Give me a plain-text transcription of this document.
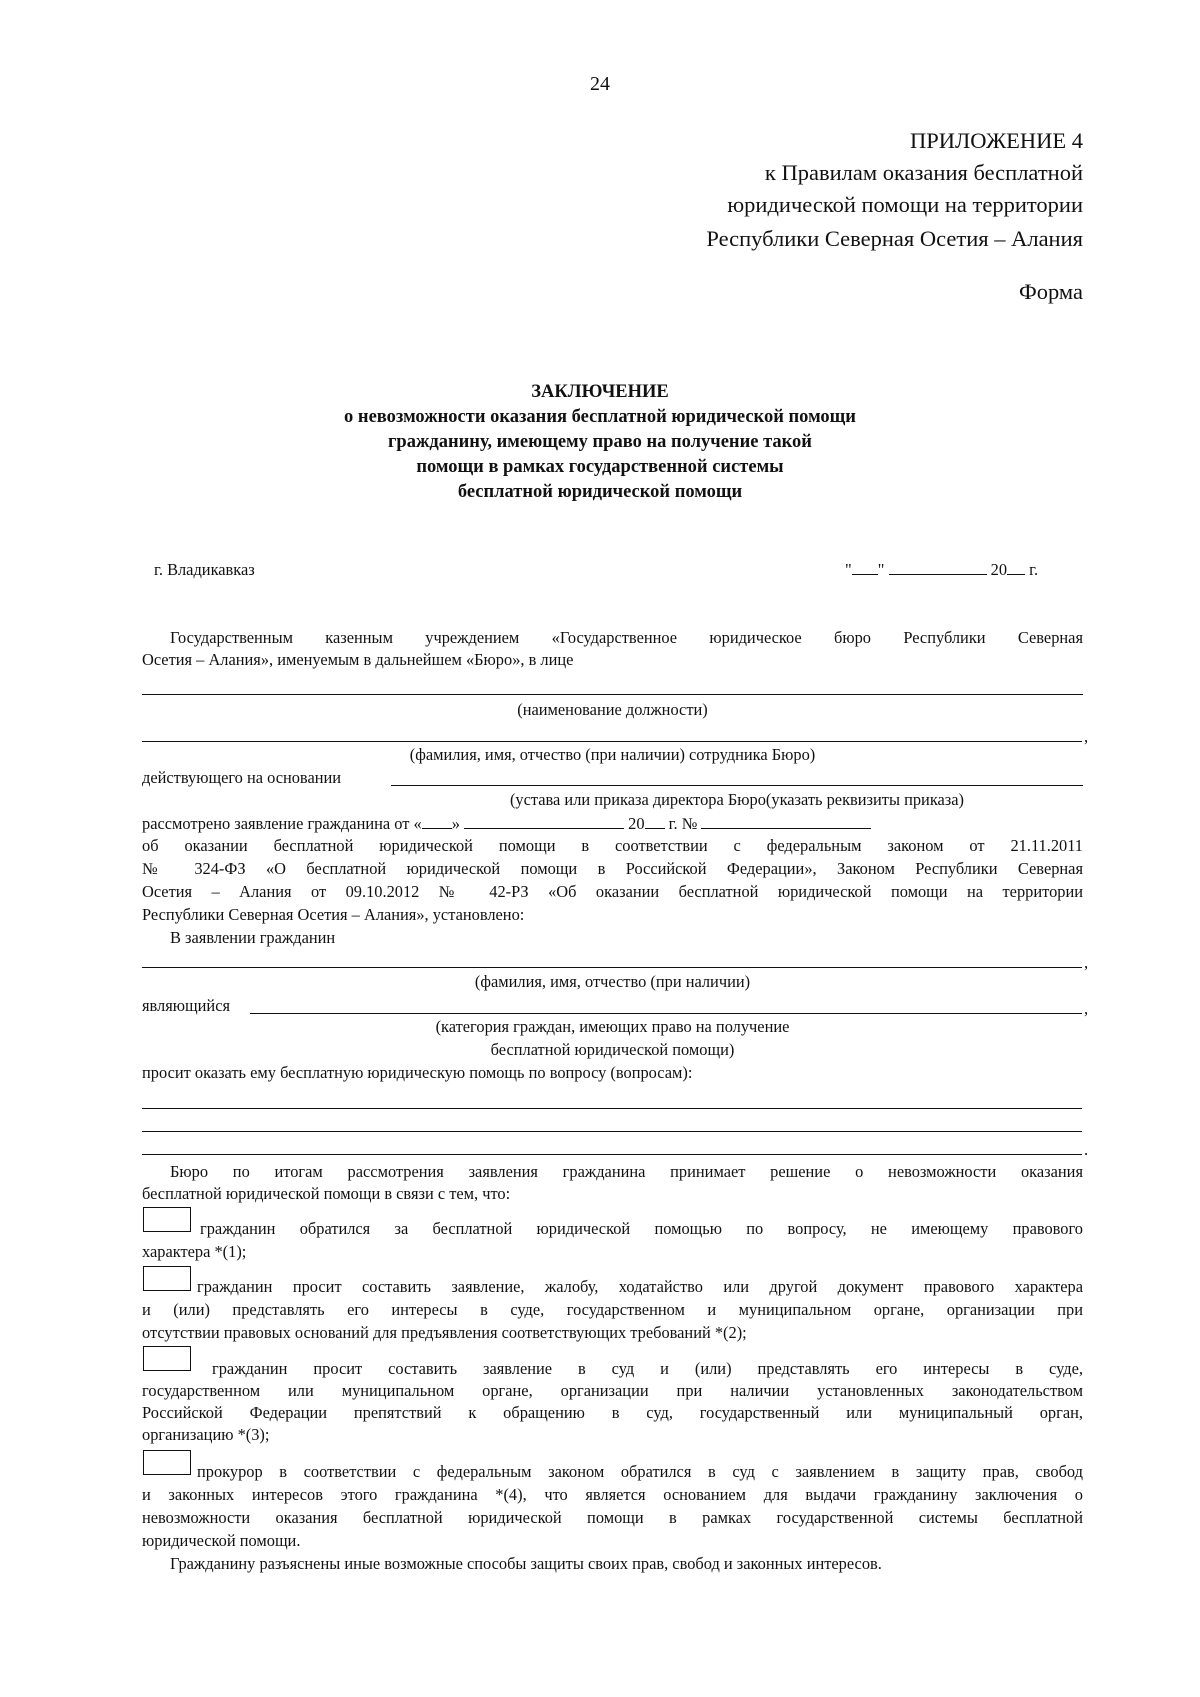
24
ПРИЛОЖЕНИЕ 4
к Правилам оказания бесплатной
юридической помощи на территории
Республики Северная Осетия – Алания
Форма
ЗАКЛЮЧЕНИЕ
о невозможности оказания бесплатной юридической помощи
гражданину, имеющему право на получение такой
помощи в рамках государственной системы
бесплатной юридической помощи
г. Владикавказ	" "	20 г.
Государственным казенным учреждением «Государственное юридическое бюро Республики Северная
Осетия – Алания», именуемым в дальнейшем «Бюро», в лице
(наименование должности)
,
(фамилия, имя, отчество (при наличии) сотрудника Бюро)
действующего на основании
(устава или приказа директора Бюро(указать реквизиты приказа)
рассмотрено заявление гражданина от « »	20 г. №
об оказании бесплатной юридической помощи в соответствии с федеральным законом от 21.11.2011
№ 324-ФЗ «О бесплатной юридической помощи в Российской Федерации», Законом Республики Северная
Осетия – Алания от 09.10.2012 № 42-РЗ «Об оказании бесплатной юридической помощи на территории
Республики Северная Осетия – Алания», установлено:
В заявлении гражданин
,
(фамилия, имя, отчество (при наличии)
являющийся	,
(категория граждан, имеющих право на получение
бесплатной юридической помощи)
просит оказать ему бесплатную юридическую помощь по вопросу (вопросам):
.
Бюро по итогам рассмотрения заявления гражданина принимает решение о невозможности оказания
бесплатной юридической помощи в связи с тем, что:
гражданин обратился за бесплатной юридической помощью по вопросу, не имеющему правового
характера *(1);
гражданин просит составить заявление, жалобу, ходатайство или другой документ правового характера
и (или) представлять его интересы в суде, государственном и муниципальном органе, организации при
отсутствии правовых оснований для предъявления соответствующих требований *(2);
гражданин просит составить заявление в суд и (или) представлять его интересы в суде,
государственном или муниципальном органе, организации при наличии установленных законодательством
Российской Федерации препятствий к обращению в суд, государственный или муниципальный орган,
организацию *(3);
прокурор в соответствии с федеральным законом обратился в суд с заявлением в защиту прав, свобод
и законных интересов этого гражданина *(4), что является основанием для выдачи гражданину заключения о
невозможности оказания бесплатной юридической помощи в рамках государственной системы бесплатной
юридической помощи.
Гражданину разъяснены иные возможные способы защиты своих прав, свобод и законных интересов.
